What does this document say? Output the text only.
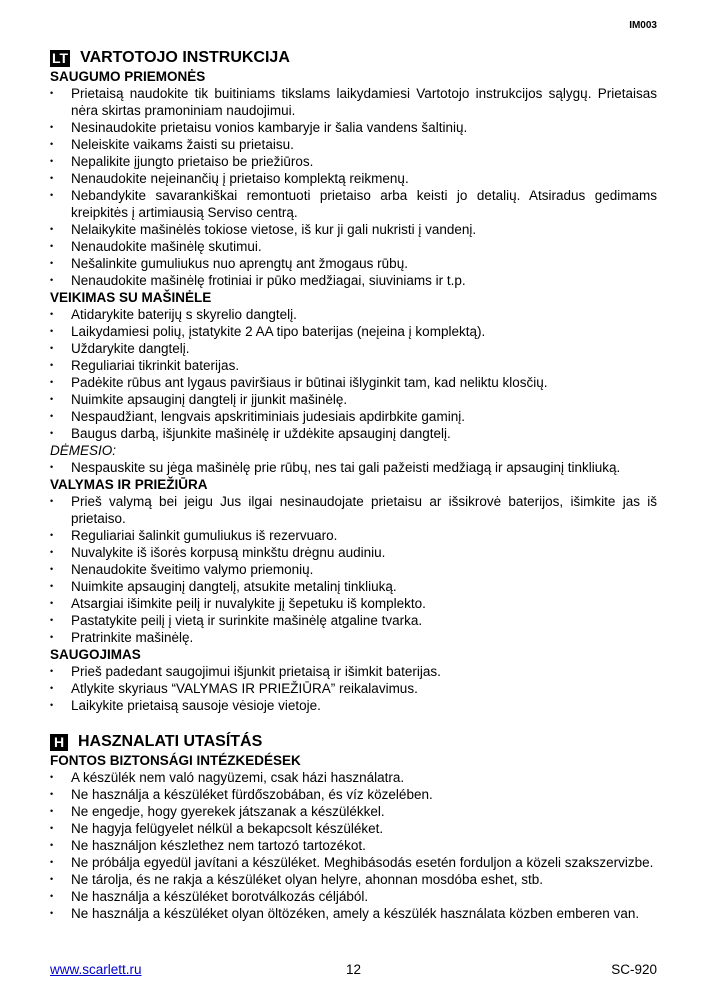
IM003
LT VARTOTOJO INSTRUKCIJA
SAUGUMO PRIEMONĖS
• Prietaisą naudokite tik buitiniams tikslams laikydamiesi Vartotojo instrukcijos sąlygų. Prietaisas nėra skirtas pramoniniam naudojimui.
• Nesinaudokite prietaisu vonios kambaryje ir šalia vandens šaltinių.
• Neleiskite vaikams žaisti su prietaisu.
• Nepalikite įjungto prietaiso be priežiūros.
• Nenaudokite neįeinančių į prietaiso komplektą reikmenų.
• Nebandykite savarankiškai remontuoti prietaiso arba keisti jo detalių. Atsiradus gedimams kreipkitės į artimiausią Serviso centrą.
• Nelaikykite mašinėlės tokiose vietose, iš kur ji gali nukristi į vandenį.
• Nenaudokite mašinėlę skutimui.
• Nešalinkite gumuliukus nuo aprengtų ant žmogaus rūbų.
• Nenaudokite mašinėlę frotiniai ir pūko medžiagai, siuviniams ir t.p.
VEIKIMAS SU MAŠINĖLE
• Atidarykite baterijų s skyrelio dangtelį.
• Laikydamiesi polių, įstatykite 2 AA tipo baterijas (neįeina į komplektą).
• Uždarykite dangtelį.
• Reguliariai tikrinkit baterijas.
• Padėkite rūbus ant lygaus paviršiaus ir būtinai išlyginkit tam, kad neliktu klosčių.
• Nuimkite apsauginį dangtelį ir įjunkit mašinėlę.
• Nespaudžiant, lengvais apskritiminiais judesiais apdirbkite gaminį.
• Baugus darbą, išjunkite mašinėlę ir uždėkite apsauginį dangtelį.
DĖMESIO:
• Nespauskite su jėga mašinėlę prie rūbų, nes tai gali pažeisti medžiagą ir apsauginį tinkliuką.
VALYMAS IR PRIEŽIŪRA
• Prieš valymą bei jeigu Jus ilgai nesinaudojate prietaisu ar išsikrovė baterijos, išimkite jas iš prietaiso.
• Reguliariai šalinkit gumuliukus iš rezervuaro.
• Nuvalykite iš išorės korpusą minkštu drėgnu audiniu.
• Nenaudokite šveitimo valymo priemonių.
• Nuimkite apsauginį dangtelį, atsukite metalinį tinkliuką.
• Atsargiai išimkite peilį ir nuvalykite jį šepetuku iš komplekto.
• Pastatykite peilį į vietą ir surinkite mašinėlę atgaline tvarka.
• Pratrinkite mašinėlę.
SAUGOJIMAS
• Prieš padedant saugojimui išjunkit prietaisą ir išimkit baterijas.
• Atlykite skyriaus “VALYMAS IR PRIEŽIŪRA” reikalavimus.
• Laikykite prietaisą sausoje vėsioje vietoje.
H HASZNALATI UTASÍTÁS
FONTOS BIZTONSÁGI INTÉZKEDÉSEK
• A készülék nem való nagyüzemi, csak házi használatra.
• Ne használja a készüléket fürdőszobában, és víz közelében.
• Ne engedje, hogy gyerekek játszanak a készülékkel.
• Ne hagyja felügyelet nélkül a bekapcsolt készüléket.
• Ne használjon készlethez nem tartozó tartozékot.
• Ne próbálja egyedül javítani a készüléket. Meghibásodás esetén forduljon a közeli szakszervizbe.
• Ne tárolja, és ne rakja a készüléket olyan helyre, ahonnan mosdóba eshet, stb.
• Ne használja a készüléket borotválkozás céljából.
• Ne használja a készüléket olyan öltözéken, amely a készülék használata közben emberen van.
12
www.scarlett.ru	SC-920
